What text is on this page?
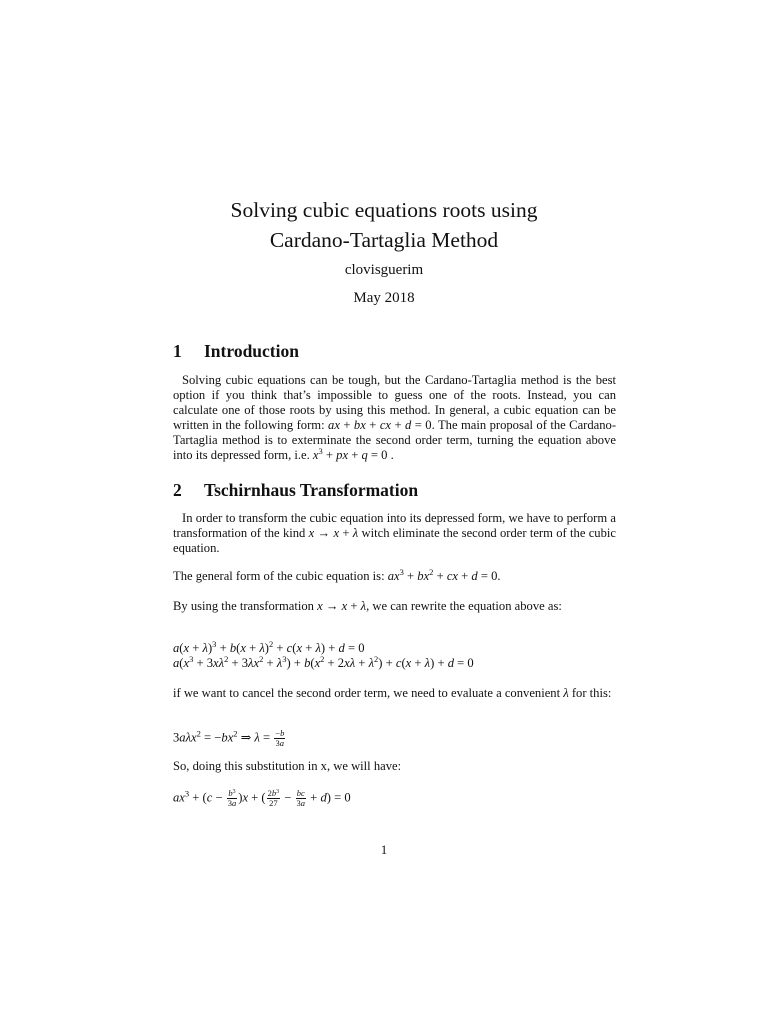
Solving cubic equations roots using
Cardano-Tartaglia Method
clovisguerim
May 2018
1 Introduction
Solving cubic equations can be tough, but the Cardano-Tartaglia method is the best option if you think that’s impossible to guess one of the roots. Instead, you can calculate one of those roots by using this method. In general, a cubic equation can be written in the following form: ax + bx + cx + d = 0. The main proposal of the Cardano-Tartaglia method is to exterminate the second order term, turning the equation above into its depressed form, i.e. $x^3$ + px + q = 0 .
2 Tschirnhaus Transformation
In order to transform the cubic equation into its depressed form, we have to perform a transformation of the kind x → x + λ witch eliminate the second order term of the cubic equation.
The general form of the cubic equation is: $ax^3 + bx^2$ + cx + d = 0.
By using the transformation x → x + λ, we can rewrite the equation above as:
$a(x + \lambda)^3 + b(x + \lambda)^2 + c(x + \lambda) + d = 0$
$a(x^3 + 3x\lambda^2 + 3\lambda x^2 + \lambda^3) + b(x^2 + 2x\lambda + \lambda^2) + c(x + \lambda) + d = 0$
if we want to cancel the second order term, we need to evaluate a convenient λ for this:
$3a\lambda x^2 = -bx^2$ ⇒ $\lambda = \frac{-b}{3a}$
So, doing this substitution in x, we will have:
$ax^3 + (c - \frac{b^3}{3a} )x$ + ( $\frac{2b^3}{27} - \frac{bc}{3a} + d) = 0$
1
